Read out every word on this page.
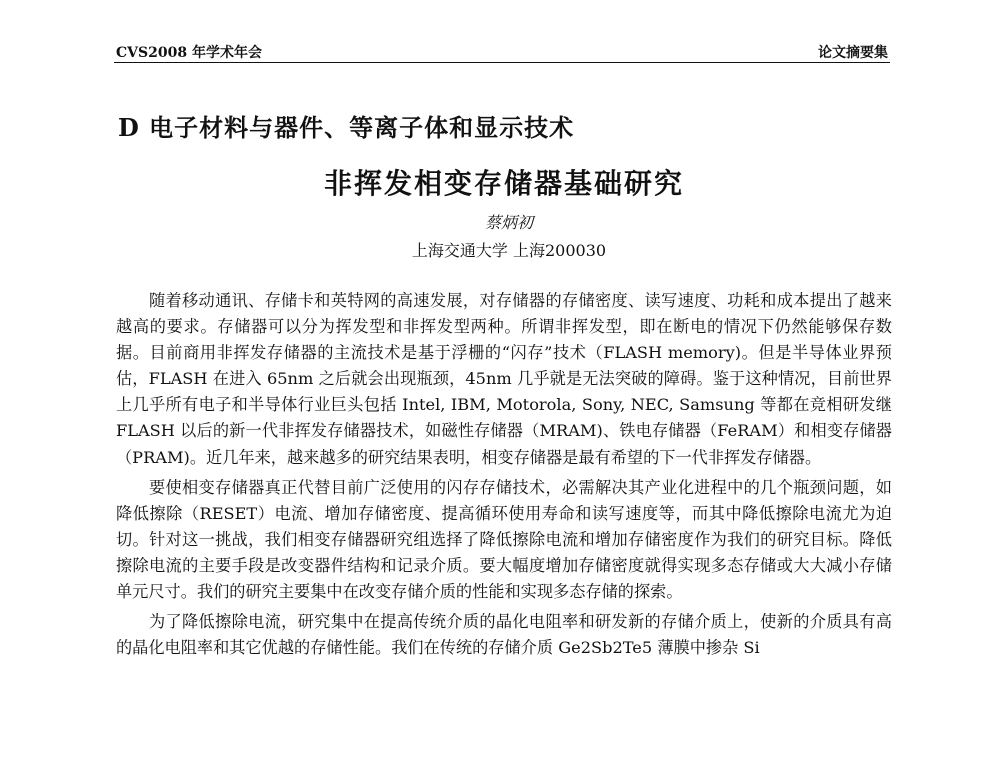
CVS2008 年学术年会	论文摘要集
D 电子材料与器件、等离子体和显示技术
非挥发相变存储器基础研究
蔡炳初
上海交通大学 上海200030

随着移动通讯、存储卡和英特网的高速发展，对存储器的存储密度、读写速度、功耗和成本提出了越来越高的要求。存储器可以分为挥发型和非挥发型两种。所谓非挥发型，即在断电的情况下仍然能够保存数据。目前商用非挥发存储器的主流技术是基于浮栅的“闪存”技术（FLASH memory)。但是半导体业界预估，FLASH 在进入 65nm 之后就会出现瓶颈，45nm 几乎就是无法突破的障碍。鉴于这种情况，目前世界上几乎所有电子和半导体行业巨头包括 Intel, IBM, Motorola, Sony, NEC, Samsung 等都在竞相研发继 FLASH 以后的新一代非挥发存储器技术，如磁性存储器（MRAM)、铁电存储器（FeRAM）和相变存储器（PRAM)。近几年来，越来越多的研究结果表明，相变存储器是最有希望的下一代非挥发存储器。

要使相变存储器真正代替目前广泛使用的闪存存储技术，必需解决其产业化进程中的几个瓶颈问题，如降低擦除（RESET）电流、增加存储密度、提高循环使用寿命和读写速度等，而其中降低擦除电流尤为迫切。针对这一挑战，我们相变存储器研究组选择了降低擦除电流和增加存储密度作为我们的研究目标。降低擦除电流的主要手段是改变器件结构和记录介质。要大幅度增加存储密度就得实现多态存储或大大减小存储单元尺寸。我们的研究主要集中在改变存储介质的性能和实现多态存储的探索。

为了降低擦除电流，研究集中在提高传统介质的晶化电阻率和研发新的存储介质上，使新的介质具有高的晶化电阻率和其它优越的存储性能。我们在传统的存储介质 Ge2Sb2Te5 薄膜中掺杂 Si
